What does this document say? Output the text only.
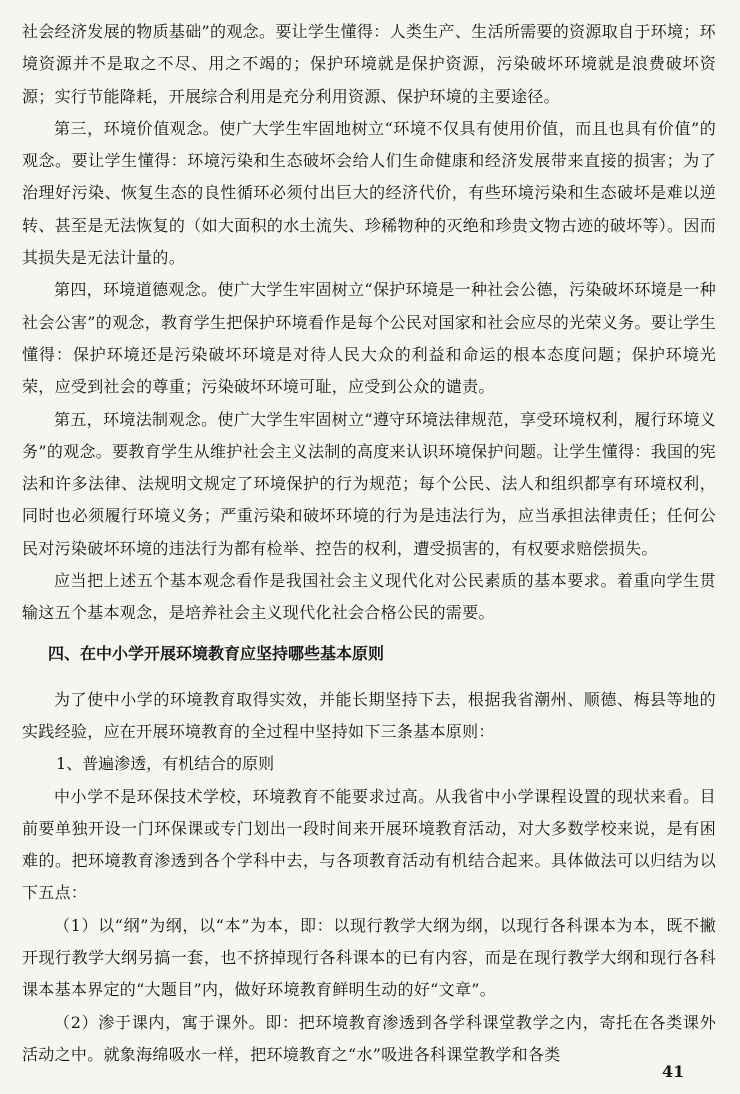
社会经济发展的物质基础”的观念。要让学生懂得：人类生产、生活所需要的资源取自于环境；环境资源并不是取之不尽、用之不竭的；保护环境就是保护资源，污染破坏环境就是浪费破坏资源；实行节能降耗，开展综合利用是充分利用资源、保护环境的主要途径。

第三，环境价值观念。使广大学生牢固地树立“环境不仅具有使用价值，而且也具有价值”的观念。要让学生懂得：环境污染和生态破坏会给人们生命健康和经济发展带来直接的损害；为了治理好污染、恢复生态的良性循环必须付出巨大的经济代价，有些环境污染和生态破坏是难以逆转、甚至是无法恢复的（如大面积的水土流失、珍稀物种的灭绝和珍贵文物古迹的破坏等）。因而其损失是无法计量的。

第四，环境道德观念。使广大学生牢固树立“保护环境是一种社会公德，污染破坏环境是一种社会公害”的观念，教育学生把保护环境看作是每个公民对国家和社会应尽的光荣义务。要让学生懂得：保护环境还是污染破坏环境是对待人民大众的利益和命运的根本态度问题；保护环境光荣，应受到社会的尊重；污染破坏环境可耻，应受到公众的谴责。

第五，环境法制观念。使广大学生牢固树立“遵守环境法律规范，享受环境权利，履行环境义务”的观念。要教育学生从维护社会主义法制的高度来认识环境保护问题。让学生懂得：我国的宪法和许多法律、法规明文规定了环境保护的行为规范；每个公民、法人和组织都享有环境权利，同时也必须履行环境义务；严重污染和破坏环境的行为是违法行为，应当承担法律责任；任何公民对污染破坏环境的违法行为都有检举、控告的权利，遭受损害的，有权要求赔偿损失。

应当把上述五个基本观念看作是我国社会主义现代化对公民素质的基本要求。着重向学生贯输这五个基本观念，是培养社会主义现代化社会合格公民的需要。

四、在中小学开展环境教育应坚持哪些基本原则

为了使中小学的环境教育取得实效，并能长期坚持下去，根据我省潮州、顺德、梅县等地的实践经验，应在开展环境教育的全过程中坚持如下三条基本原则：

1、普遍渗透，有机结合的原则

中小学不是环保技术学校，环境教育不能要求过高。从我省中小学课程设置的现状来看。目前要单独开设一门环保课或专门划出一段时间来开展环境教育活动，对大多数学校来说，是有困难的。把环境教育渗透到各个学科中去，与各项教育活动有机结合起来。具体做法可以归结为以下五点：

（1）以“纲”为纲，以“本”为本，即：以现行教学大纲为纲，以现行各科课本为本，既不撇开现行教学大纲另搞一套，也不挤掉现行各科课本的已有内容，而是在现行教学大纲和现行各科课本基本界定的“大题目”内，做好环境教育鲜明生动的好“文章”。

（2）渗于课内，寓于课外。即：把环境教育渗透到各学科课堂教学之内，寄托在各类课外活动之中。就象海绵吸水一样，把环境教育之“水”吸进各科课堂教学和各类

41
